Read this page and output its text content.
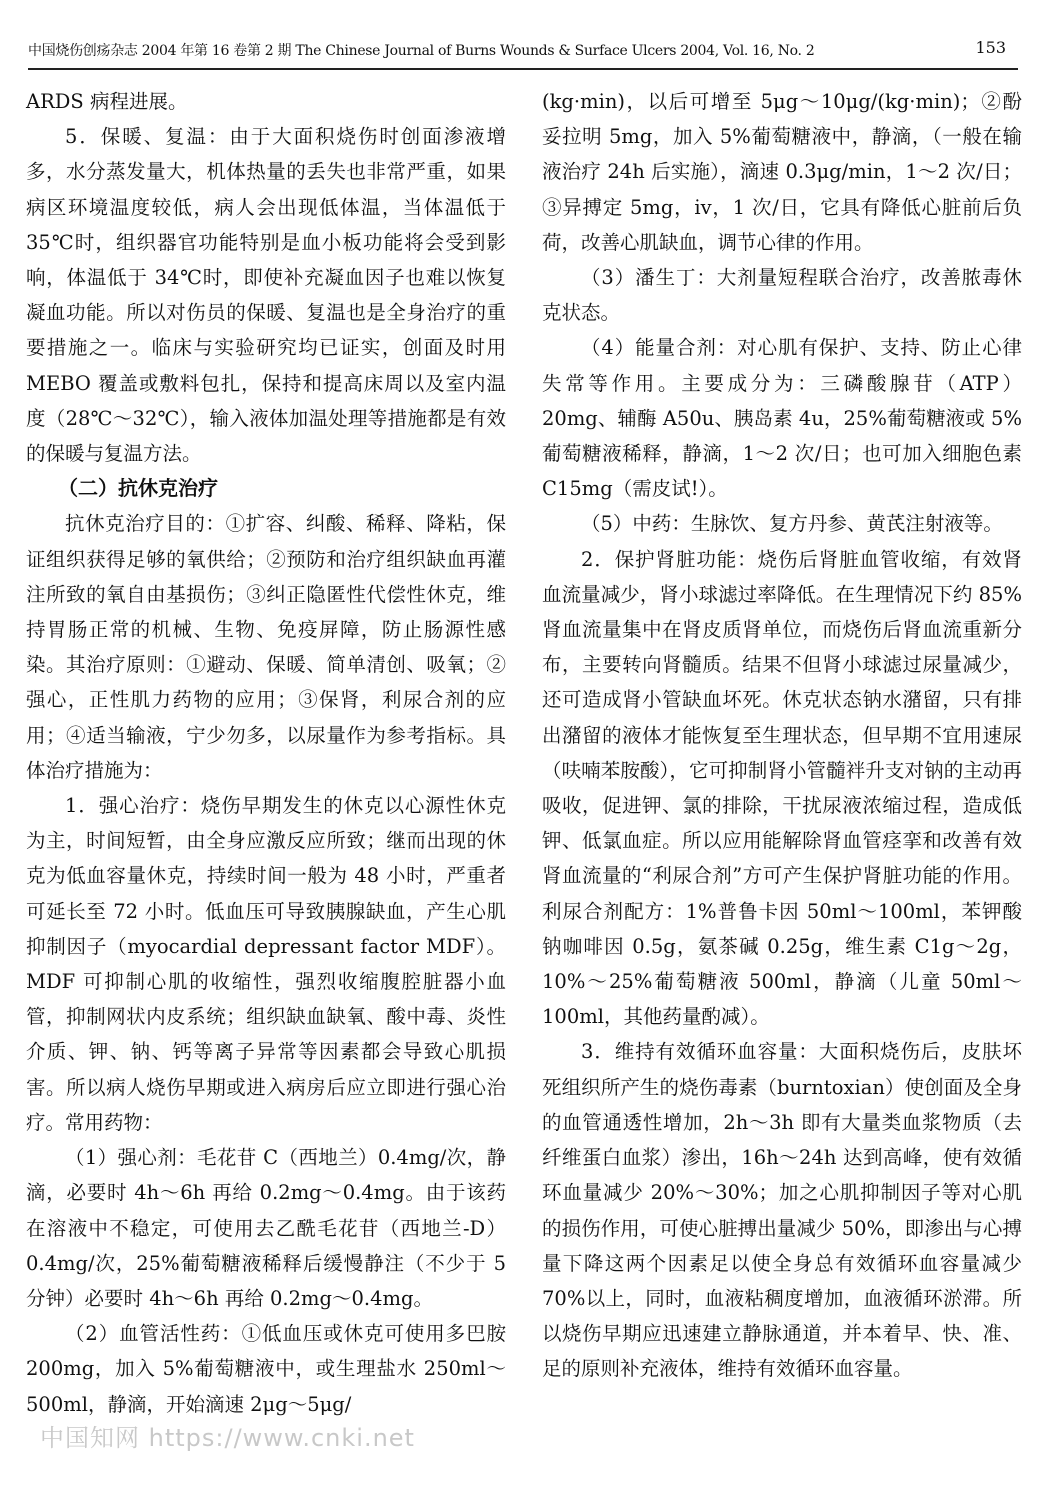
中国烧伤创疡杂志 2004 年第 16 卷第 2 期 The Chinese Journal of Burns Wounds & Surface Ulcers 2004, Vol. 16, No. 2	153

ARDS 病程进展。

5．保暖、复温：由于大面积烧伤时创面渗液增多，水分蒸发量大，机体热量的丢失也非常严重，如果病区环境温度较低，病人会出现低体温，当体温低于 35℃时，组织器官功能特别是血小板功能将会受到影响，体温低于 34℃时，即使补充凝血因子也难以恢复凝血功能。所以对伤员的保暖、复温也是全身治疗的重要措施之一。临床与实验研究均已证实，创面及时用 MEBO 覆盖或敷料包扎，保持和提高床周以及室内温度（28℃～32℃），输入液体加温处理等措施都是有效的保暖与复温方法。

（二）抗休克治疗

抗休克治疗目的：①扩容、纠酸、稀释、降粘，保证组织获得足够的氧供给；②预防和治疗组织缺血再灌注所致的氧自由基损伤；③纠正隐匿性代偿性休克，维持胃肠正常的机械、生物、免疫屏障，防止肠源性感染。其治疗原则：①避动、保暖、简单清创、吸氧；②强心，正性肌力药物的应用；③保肾，利尿合剂的应用；④适当输液，宁少勿多，以尿量作为参考指标。具体治疗措施为：

1．强心治疗：烧伤早期发生的休克以心源性休克为主，时间短暂，由全身应激反应所致；继而出现的休克为低血容量休克，持续时间一般为 48 小时，严重者可延长至 72 小时。低血压可导致胰腺缺血，产生心肌抑制因子（myocardial depressant factor MDF）。MDF 可抑制心肌的收缩性，强烈收缩腹腔脏器小血管，抑制网状内皮系统；组织缺血缺氧、酸中毒、炎性介质、钾、钠、钙等离子异常等因素都会导致心肌损害。所以病人烧伤早期或进入病房后应立即进行强心治疗。常用药物：

（1）强心剂：毛花苷 C（西地兰）0.4mg/次，静滴，必要时 4h～6h 再给 0.2mg～0.4mg。由于该药在溶液中不稳定，可使用去乙酰毛花苷（西地兰-D）0.4mg/次，25%葡萄糖液稀释后缓慢静注（不少于 5 分钟）必要时 4h～6h 再给 0.2mg～0.4mg。

（2）血管活性药：①低血压或休克可使用多巴胺 200mg，加入 5%葡萄糖液中，或生理盐水 250ml～500ml，静滴，开始滴速 2μg～5μg/

(kg·min)，以后可增至 5μg～10μg/(kg·min)；②酚妥拉明 5mg，加入 5%葡萄糖液中，静滴，（一般在输液治疗 24h 后实施），滴速 0.3μg/min，1～2 次/日；③异搏定 5mg，iv，1 次/日，它具有降低心脏前后负荷，改善心肌缺血，调节心律的作用。

（3）潘生丁：大剂量短程联合治疗，改善脓毒休克状态。

（4）能量合剂：对心肌有保护、支持、防止心律失常等作用。主要成分为：三磷酸腺苷（ATP）20mg、辅酶 A50u、胰岛素 4u，25%葡萄糖液或 5%葡萄糖液稀释，静滴，1～2 次/日；也可加入细胞色素 C15mg（需皮试!）。

（5）中药：生脉饮、复方丹参、黄芪注射液等。

2．保护肾脏功能：烧伤后肾脏血管收缩，有效肾血流量减少，肾小球滤过率降低。在生理情况下约 85%肾血流量集中在肾皮质肾单位，而烧伤后肾血流重新分布，主要转向肾髓质。结果不但肾小球滤过尿量减少，还可造成肾小管缺血坏死。休克状态钠水潴留，只有排出潴留的液体才能恢复至生理状态，但早期不宜用速尿（呋喃苯胺酸），它可抑制肾小管髓袢升支对钠的主动再吸收，促进钾、氯的排除，干扰尿液浓缩过程，造成低钾、低氯血症。所以应用能解除肾血管痉挛和改善有效肾血流量的“利尿合剂”方可产生保护肾脏功能的作用。利尿合剂配方：1%普鲁卡因 50ml～100ml，苯钾酸钠咖啡因 0.5g，氨茶碱 0.25g，维生素 C1g～2g，10%～25%葡萄糖液 500ml，静滴（儿童 50ml～100ml，其他药量酌减）。

3．维持有效循环血容量：大面积烧伤后，皮肤坏死组织所产生的烧伤毒素（burntoxian）使创面及全身的血管通透性增加，2h～3h 即有大量类血浆物质（去纤维蛋白血浆）渗出，16h～24h 达到高峰，使有效循环血量减少 20%～30%；加之心肌抑制因子等对心肌的损伤作用，可使心脏搏出量减少 50%，即渗出与心搏量下降这两个因素足以使全身总有效循环血容量减少 70%以上，同时，血液粘稠度增加，血液循环淤滞。所以烧伤早期应迅速建立静脉通道，并本着早、快、准、足的原则补充液体，维持有效循环血容量。

中国知网 https://www.cnki.net
